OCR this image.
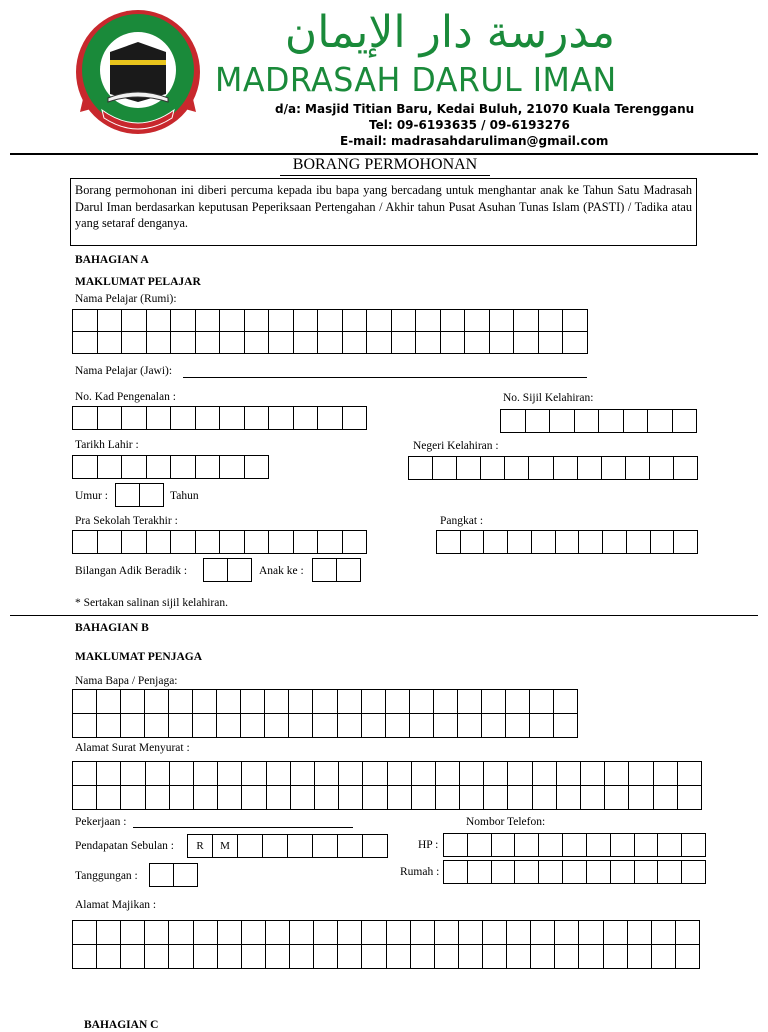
مدرسة دار الإيمان
MADRASAH DARUL IMAN
d/a: Masjid Titian Baru, Kedai Buluh, 21070 Kuala Terengganu
Tel: 09-6193635 / 09-6193276
E-mail: madrasahdaruliman@gmail.com
BORANG PERMOHONAN
Borang permohonan ini diberi percuma kepada ibu bapa yang bercadang untuk menghantar anak ke Tahun Satu Madrasah Darul Iman berdasarkan keputusan Peperiksaan Pertengahan / Akhir tahun Pusat Asuhan Tunas Islam (PASTI) / Tadika atau yang setaraf denganya.
BAHAGIAN A
MAKLUMAT PELAJAR
Nama Pelajar (Rumi):
Nama Pelajar (Jawi):
No. Kad Pengenalan :	No. Sijil Kelahiran:
Tarikh Lahir :	Negeri Kelahiran :
Umur :	Tahun
Pra Sekolah Terakhir :	Pangkat :
Bilangan Adik Beradik :	Anak ke :
* Sertakan salinan sijil kelahiran.
BAHAGIAN B
MAKLUMAT PENJAGA
Nama Bapa / Penjaga:
Alamat Surat Menyurat :
Pekerjaan :	Nombor Telefon:
Pendapatan Sebulan :	R	M	HP :
Tanggungan :	Rumah :
Alamat Majikan :
BAHAGIAN C
